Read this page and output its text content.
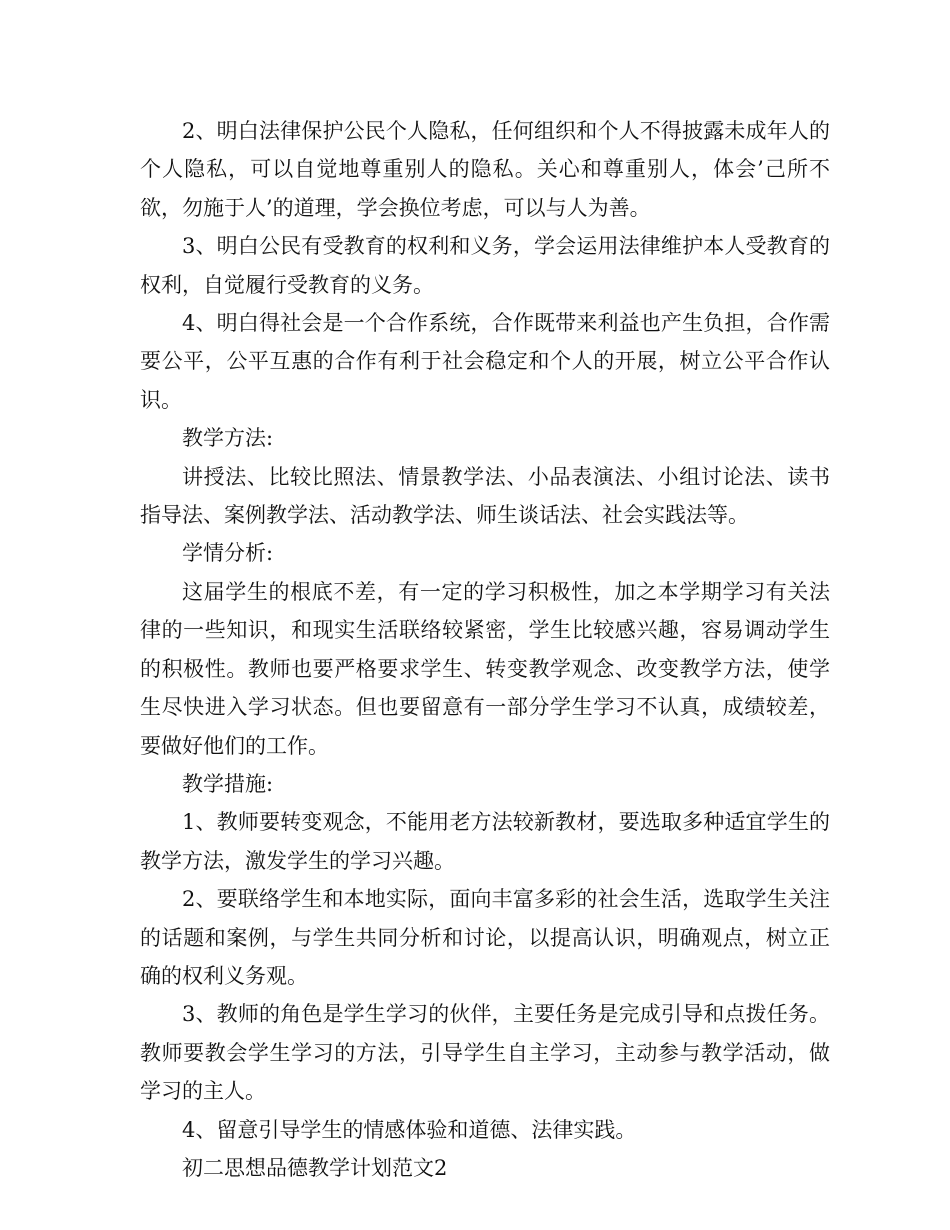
2、明白法律保护公民个人隐私，任何组织和个人不得披露未成年人的个人隐私，可以自觉地尊重别人的隐私。关心和尊重别人，体会’己所不欲，勿施于人’的道理，学会换位考虑，可以与人为善。

3、明白公民有受教育的权利和义务，学会运用法律维护本人受教育的权利，自觉履行受教育的义务。

4、明白得社会是一个合作系统，合作既带来利益也产生负担，合作需要公平，公平互惠的合作有利于社会稳定和个人的开展，树立公平合作认识。

教学方法:

讲授法、比较比照法、情景教学法、小品表演法、小组讨论法、读书指导法、案例教学法、活动教学法、师生谈话法、社会实践法等。

学情分析:

这届学生的根底不差，有一定的学习积极性，加之本学期学习有关法律的一些知识，和现实生活联络较紧密，学生比较感兴趣，容易调动学生的积极性。教师也要严格要求学生、转变教学观念、改变教学方法，使学生尽快进入学习状态。但也要留意有一部分学生学习不认真，成绩较差，要做好他们的工作。

教学措施:

1、教师要转变观念，不能用老方法较新教材，要选取多种适宜学生的教学方法，激发学生的学习兴趣。

2、要联络学生和本地实际，面向丰富多彩的社会生活，选取学生关注的话题和案例，与学生共同分析和讨论，以提高认识，明确观点，树立正确的权利义务观。

3、教师的角色是学生学习的伙伴，主要任务是完成引导和点拨任务。教师要教会学生学习的方法，引导学生自主学习，主动参与教学活动，做学习的主人。

4、留意引导学生的情感体验和道德、法律实践。

初二思想品德教学计划范文2
